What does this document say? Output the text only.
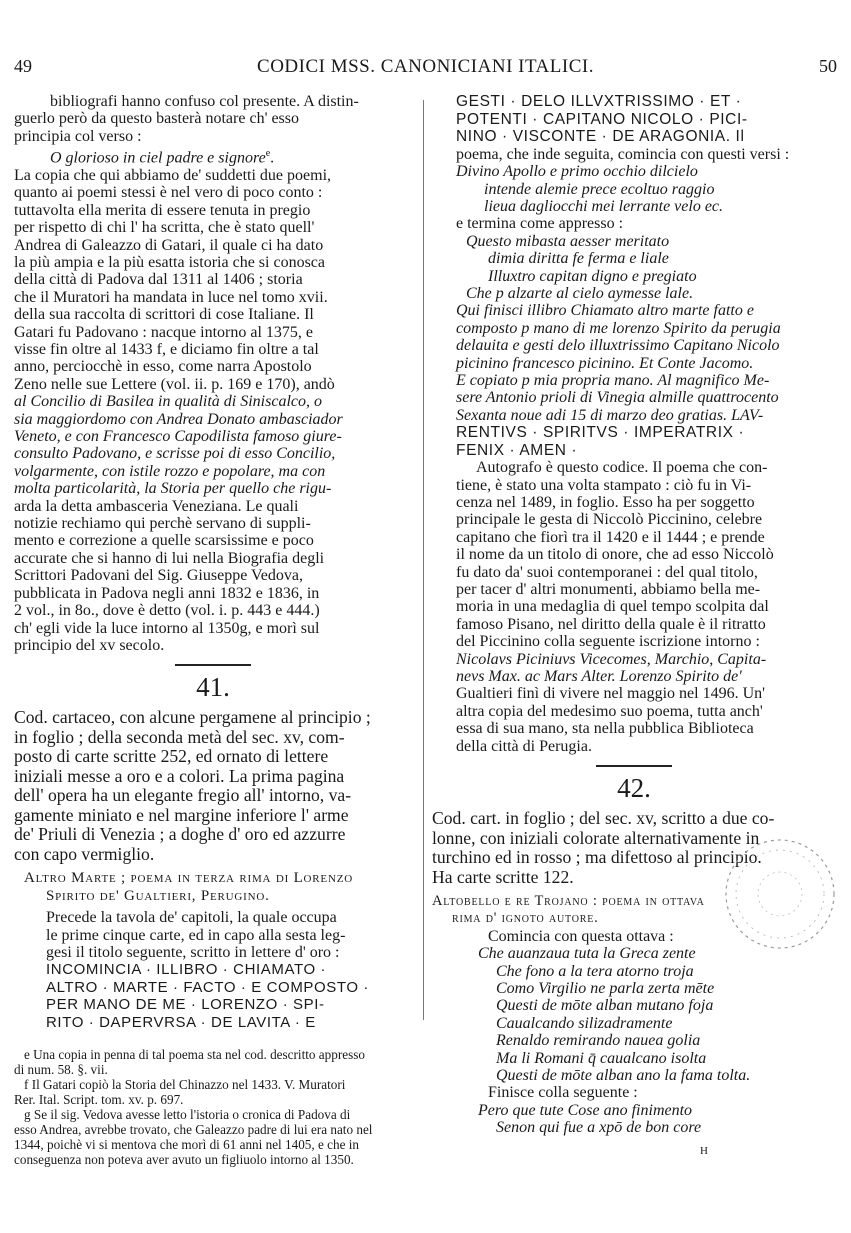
49	CODICI MSS. CANONICIANI ITALICI.	50
bibliografi hanno confuso col presente. A distin-
guerlo però da questo basterà notare ch' esso
principia col verso :
O glorioso in ciel padre e signore$^e$.
La copia che qui abbiamo de' suddetti due poemi,
quanto ai poemi stessi è nel vero di poco conto :
tuttavolta ella merita di essere tenuta in pregio
per rispetto di chi l' ha scritta, che è stato quell'
Andrea di Galeazzo di Gatari, il quale ci ha dato
la più ampia e la più esatta istoria che si conosca
della città di Padova dal 1311 al 1406 ; storia
che il Muratori ha mandata in luce nel tomo xvii.
della sua raccolta di scrittori di cose Italiane. Il
Gatari fu Padovano : nacque intorno al 1375, e
visse fin oltre al 1433 f, e diciamo fin oltre a tal
anno, perciocchè in esso, come narra Apostolo
Zeno nelle sue Lettere (vol. ii. p. 169 e 170), andò
al Concilio di Basilea in qualità di Siniscalco, o
sia maggiordomo con Andrea Donato ambasciador
Veneto, e con Francesco Capodilista famoso giure-
consulto Padovano, e scrisse poi di esso Concilio,
volgarmente, con istile rozzo e popolare, ma con
molta particolarità, la Storia per quello che rigu-
arda la detta ambasceria Veneziana. Le quali
notizie rechiamo qui perchè servano di suppli-
mento e correzione a quelle scarsissime e poco
accurate che si hanno di lui nella Biografia degli
Scrittori Padovani del Sig. Giuseppe Vedova,
pubblicata in Padova negli anni 1832 e 1836, in
2 vol., in 8o., dove è detto (vol. i. p. 443 e 444.)
ch' egli vide la luce intorno al 1350g, e morì sul
principio del xv secolo.
41.
Cod. cartaceo, con alcune pergamene al principio ;
in foglio ; della seconda metà del sec. xv, com-
posto di carte scritte 252, ed ornato di lettere
iniziali messe a oro e a colori. La prima pagina
dell' opera ha un elegante fregio all' intorno, va-
gamente miniato e nel margine inferiore l' arme
de' Priuli di Venezia ; a doghe d' oro ed azzurre
con capo vermiglio.
Altro Marte ; poema in terza rima di Lorenzo
Spirito de' Gualtieri, Perugino.
Precede la tavola de' capitoli, la quale occupa
le prime cinque carte, ed in capo alla sesta leg-
gesi il titolo seguente, scritto in lettere d' oro :
INCOMINCIA · ILLIBRO · CHIAMATO ·
ALTRO · MARTE · FACTO · E COMPOSTO ·
PER MANO DE ME · LORENZO · SPI-
RITO · DAPERVRSA · DE LAVITA · E
e Una copia in penna di tal poema sta nel cod. descritto appresso
di num. 58. §. vii.
f Il Gatari copiò la Storia del Chinazzo nel 1433. V. Muratori
Rer. Ital. Script. tom. xv. p. 697.
g Se il sig. Vedova avesse letto l'istoria o cronica di Padova di
esso Andrea, avrebbe trovato, che Galeazzo padre di lui era nato nel
1344, poichè vi si mentova che morì di 61 anni nel 1405, e che in
conseguenza non poteva aver avuto un figliuolo intorno al 1350.
GESTI · DELO ILLVXTRISSIMO · ET ·
POTENTI · CAPITANO NICOLO · PICI-
NINO · VISCONTE · DE ARAGONIA. Il
poema, che inde seguita, comincia con questi versi :
Divino Apollo e primo occhio dilcielo
intende alemie prece ecoltuo raggio
lieua dagliocchi mei lerrante velo ec.
e termina come appresso :
Questo mibasta aesser meritato
dimia diritta fe ferma e liale
Illuxtro capitan digno e pregiato
Che p alzarte al cielo aymesse lale.
Qui finisci illibro Chiamato altro marte fatto e
composto p mano di me lorenzo Spirito da perugia
delauita e gesti delo illuxtrissimo Capitano Nicolo
picinino francesco picinino. Et Conte Jacomo.
E copiato p mia propria mano. Al magnifico Me-
sere Antonio prioli di Vinegia almille quattrocento
Sexanta noue adi 15 di marzo deo gratias. LAV-
RENTIVS · SPIRITVS · IMPERATRIX ·
FENIX · AMEN ·
Autografo è questo codice. Il poema che con-
tiene, è stato una volta stampato : ciò fu in Vi-
cenza nel 1489, in foglio. Esso ha per soggetto
principale le gesta di Niccolò Piccinino, celebre
capitano che fiorì tra il 1420 e il 1444 ; e prende
il nome da un titolo di onore, che ad esso Niccolò
fu dato da' suoi contemporanei : del qual titolo,
per tacer d' altri monumenti, abbiamo bella me-
moria in una medaglia di quel tempo scolpita dal
famoso Pisano, nel diritto della quale è il ritratto
del Piccinino colla seguente iscrizione intorno :
Nicolavs Piciniuvs Vicecomes, Marchio, Capita-
nevs Max. ac Mars Alter. Lorenzo Spirito de'
Gualtieri finì di vivere nel maggio nel 1496. Un'
altra copia del medesimo suo poema, tutta anch'
essa di sua mano, sta nella pubblica Biblioteca
della città di Perugia.
42.
Cod. cart. in foglio ; del sec. xv, scritto a due co-
lonne, con iniziali colorate alternativamente in
turchino ed in rosso ; ma difettoso al principio.
Ha carte scritte 122.
Altobello e re Trojano : poema in ottava
rima d' ignoto autore.
Comincia con questa ottava :
Che auanzaua tuta la Greca zente
Che fono a la tera atorno troja
Como Virgilio ne parla zerta mēte
Questi de mōte alban mutano foja
Caualcando silizadramente
Renaldo remirando nauea golia
Ma li Romani q̄ caualcano isolta
Questi de mōte alban ano la fama tolta.
Finisce colla seguente :
Pero que tute Cose ano finimento
Senon qui fue a xpō de bon core
H
